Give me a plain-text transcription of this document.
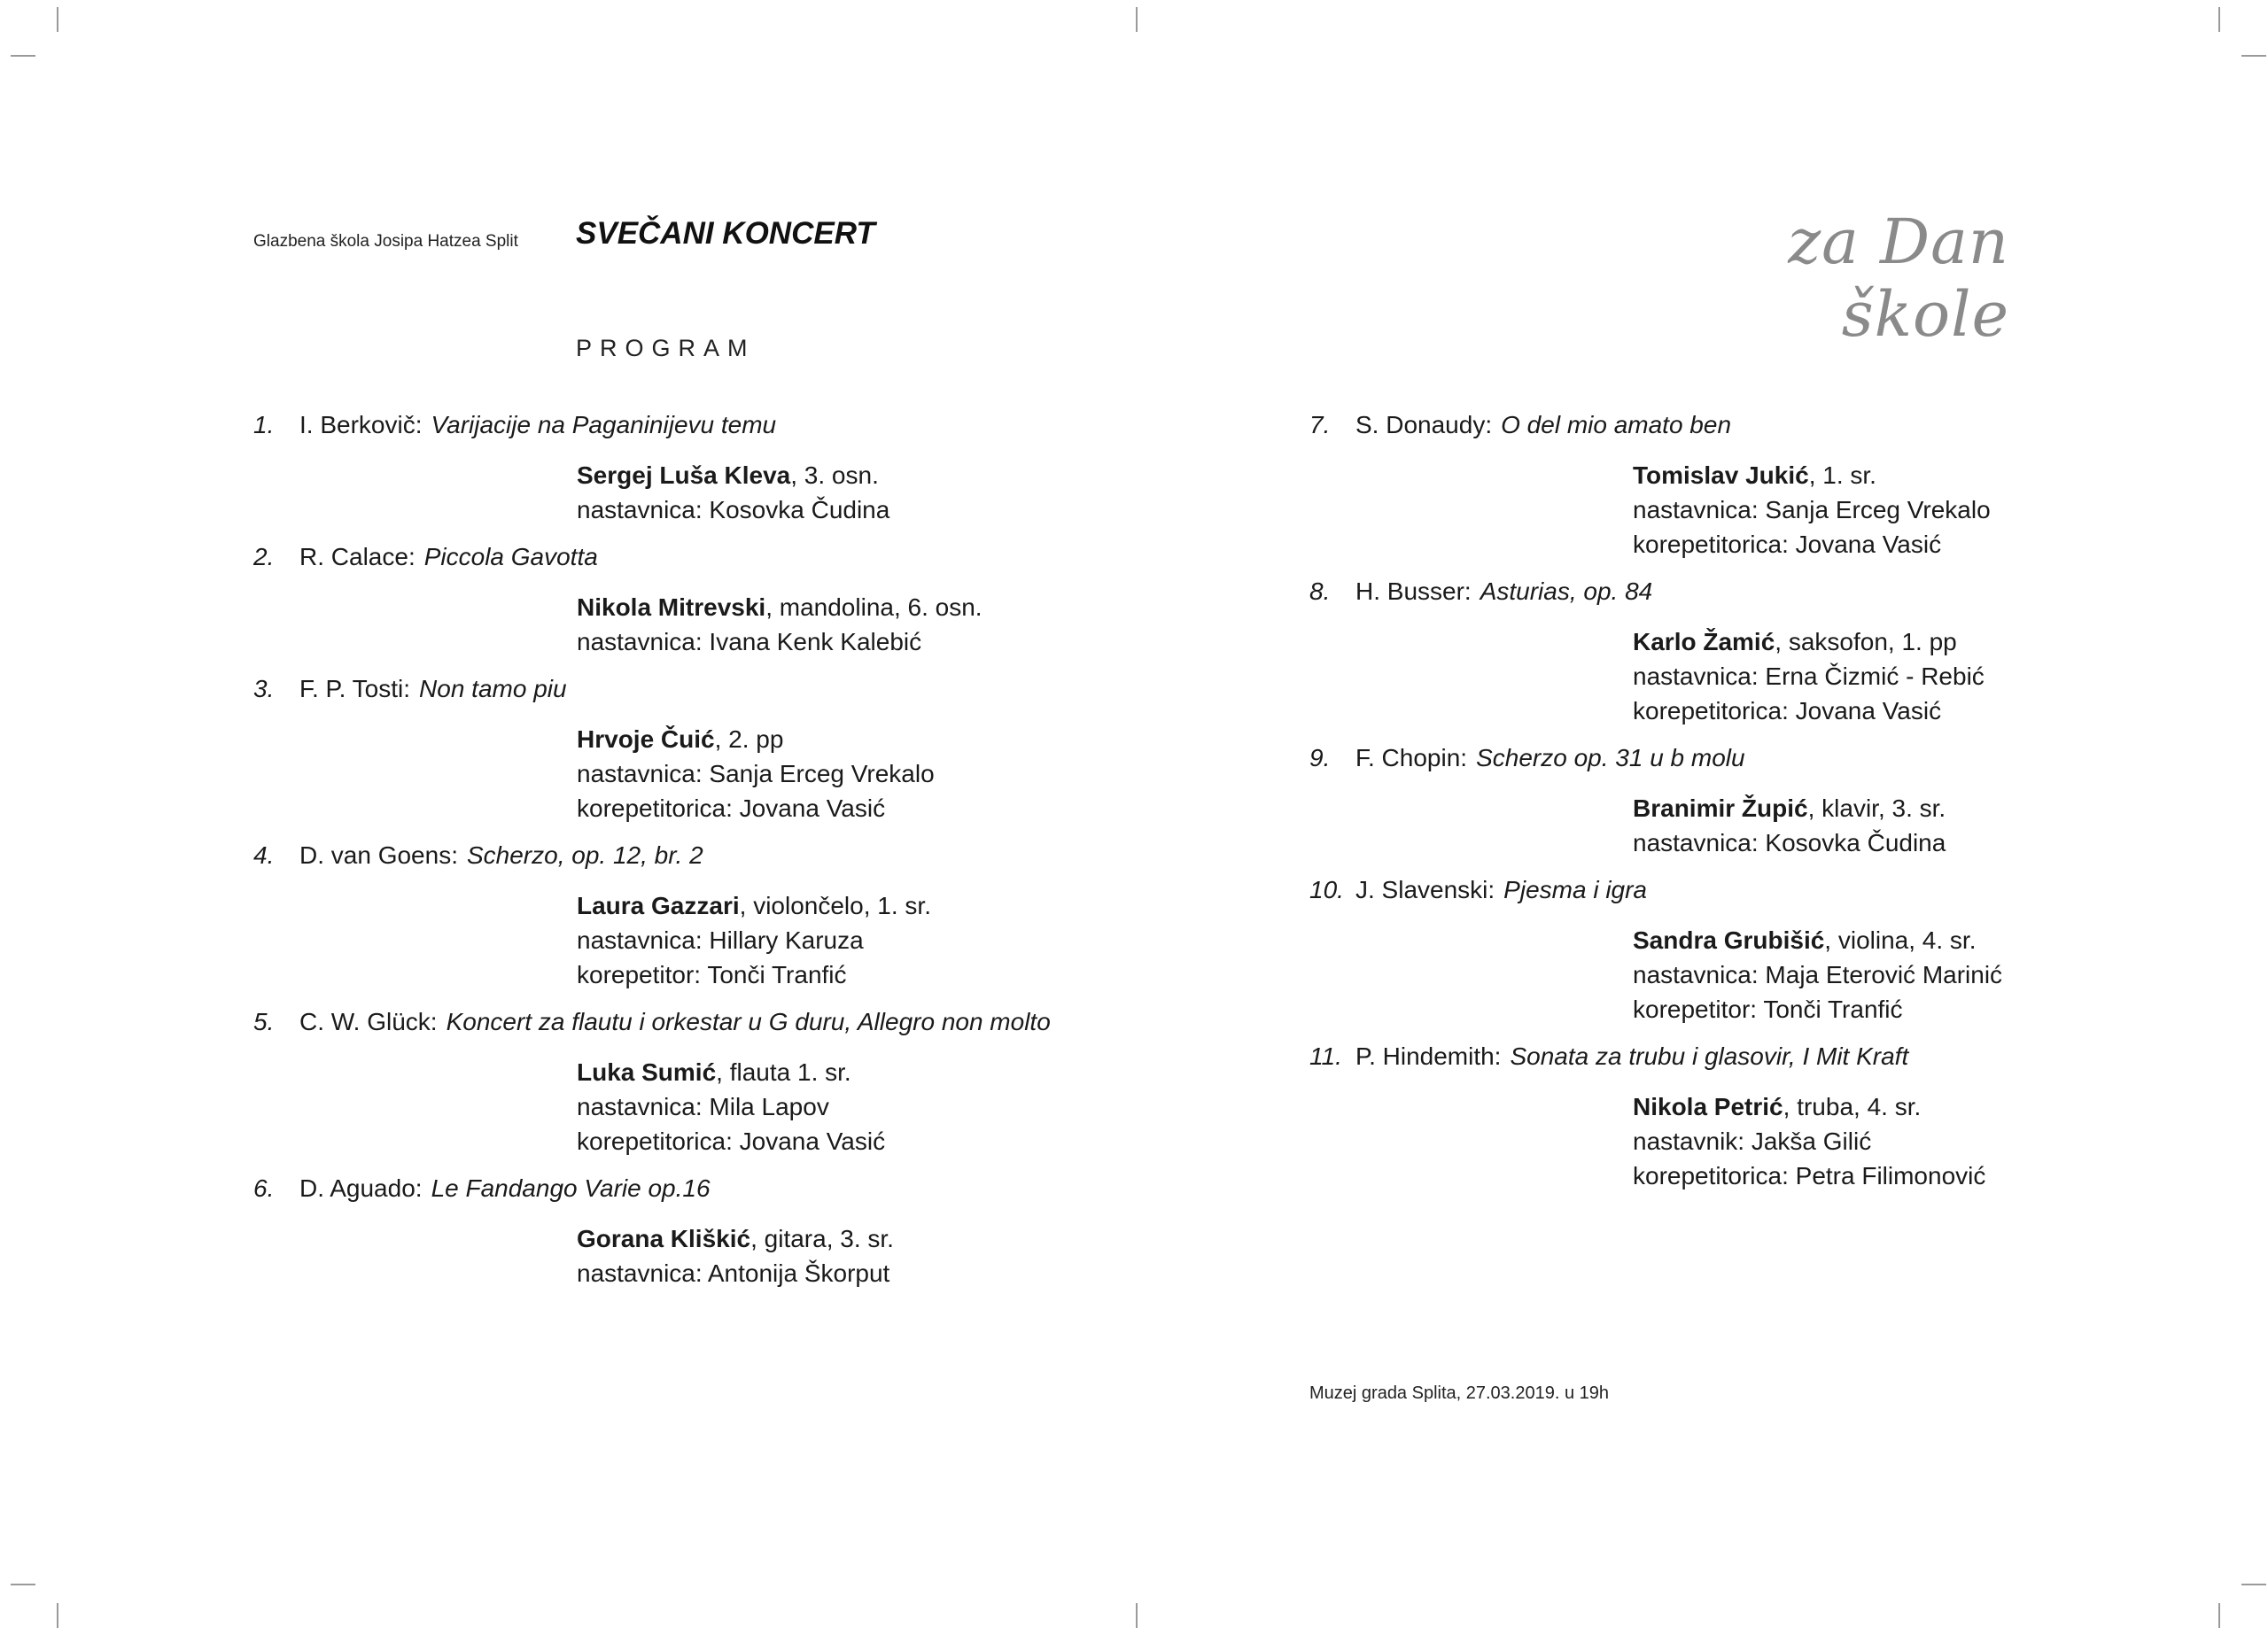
Glazbena škola Josipa Hatzea Split SVEČANI KONCERT	za Dan škole
PROGRAM
1. I. Berkovič: Varijacije na Paganinijevu temu
Sergej Luša Kleva, 3. osn.
nastavnica: Kosovka Čudina
2. R. Calace: Piccola Gavotta
Nikola Mitrevski, mandolina, 6. osn.
nastavnica: Ivana Kenk Kalebić
3. F. P. Tosti: Non tamo piu
Hrvoje Čuić, 2. pp
nastavnica: Sanja Erceg Vrekalo
korepetitorica: Jovana Vasić
4. D. van Goens: Scherzo, op. 12, br. 2
Laura Gazzari, violončelo, 1. sr.
nastavnica: Hillary Karuza
korepetitor: Tonči Tranfić
5. C. W. Glück: Koncert za flautu i orkestar u G duru, Allegro non molto
Luka Sumić, flauta 1. sr.
nastavnica: Mila Lapov
korepetitorica: Jovana Vasić
6. D. Aguado: Le Fandango Varie op.16
Gorana Kliškić, gitara, 3. sr.
nastavnica: Antonija Škorput
7. S. Donaudy: O del mio amato ben
Tomislav Jukić, 1. sr.
nastavnica: Sanja Erceg Vrekalo
korepetitorica: Jovana Vasić
8. H. Busser: Asturias, op. 84
Karlo Žamić, saksofon, 1. pp
nastavnica: Erna Čizmić - Rebić
korepetitorica: Jovana Vasić
9. F. Chopin: Scherzo op. 31 u b molu
Branimir Župić, klavir, 3. sr.
nastavnica: Kosovka Čudina
10. J. Slavenski: Pjesma i igra
Sandra Grubišić, violina, 4. sr.
nastavnica: Maja Eterović Marinić
korepetitor: Tonči Tranfić
11. P. Hindemith: Sonata za trubu i glasovir, I Mit Kraft
Nikola Petrić, truba, 4. sr.
nastavnik: Jakša Gilić
korepetitorica: Petra Filimonović
Muzej grada Splita, 27.03.2019. u 19h
